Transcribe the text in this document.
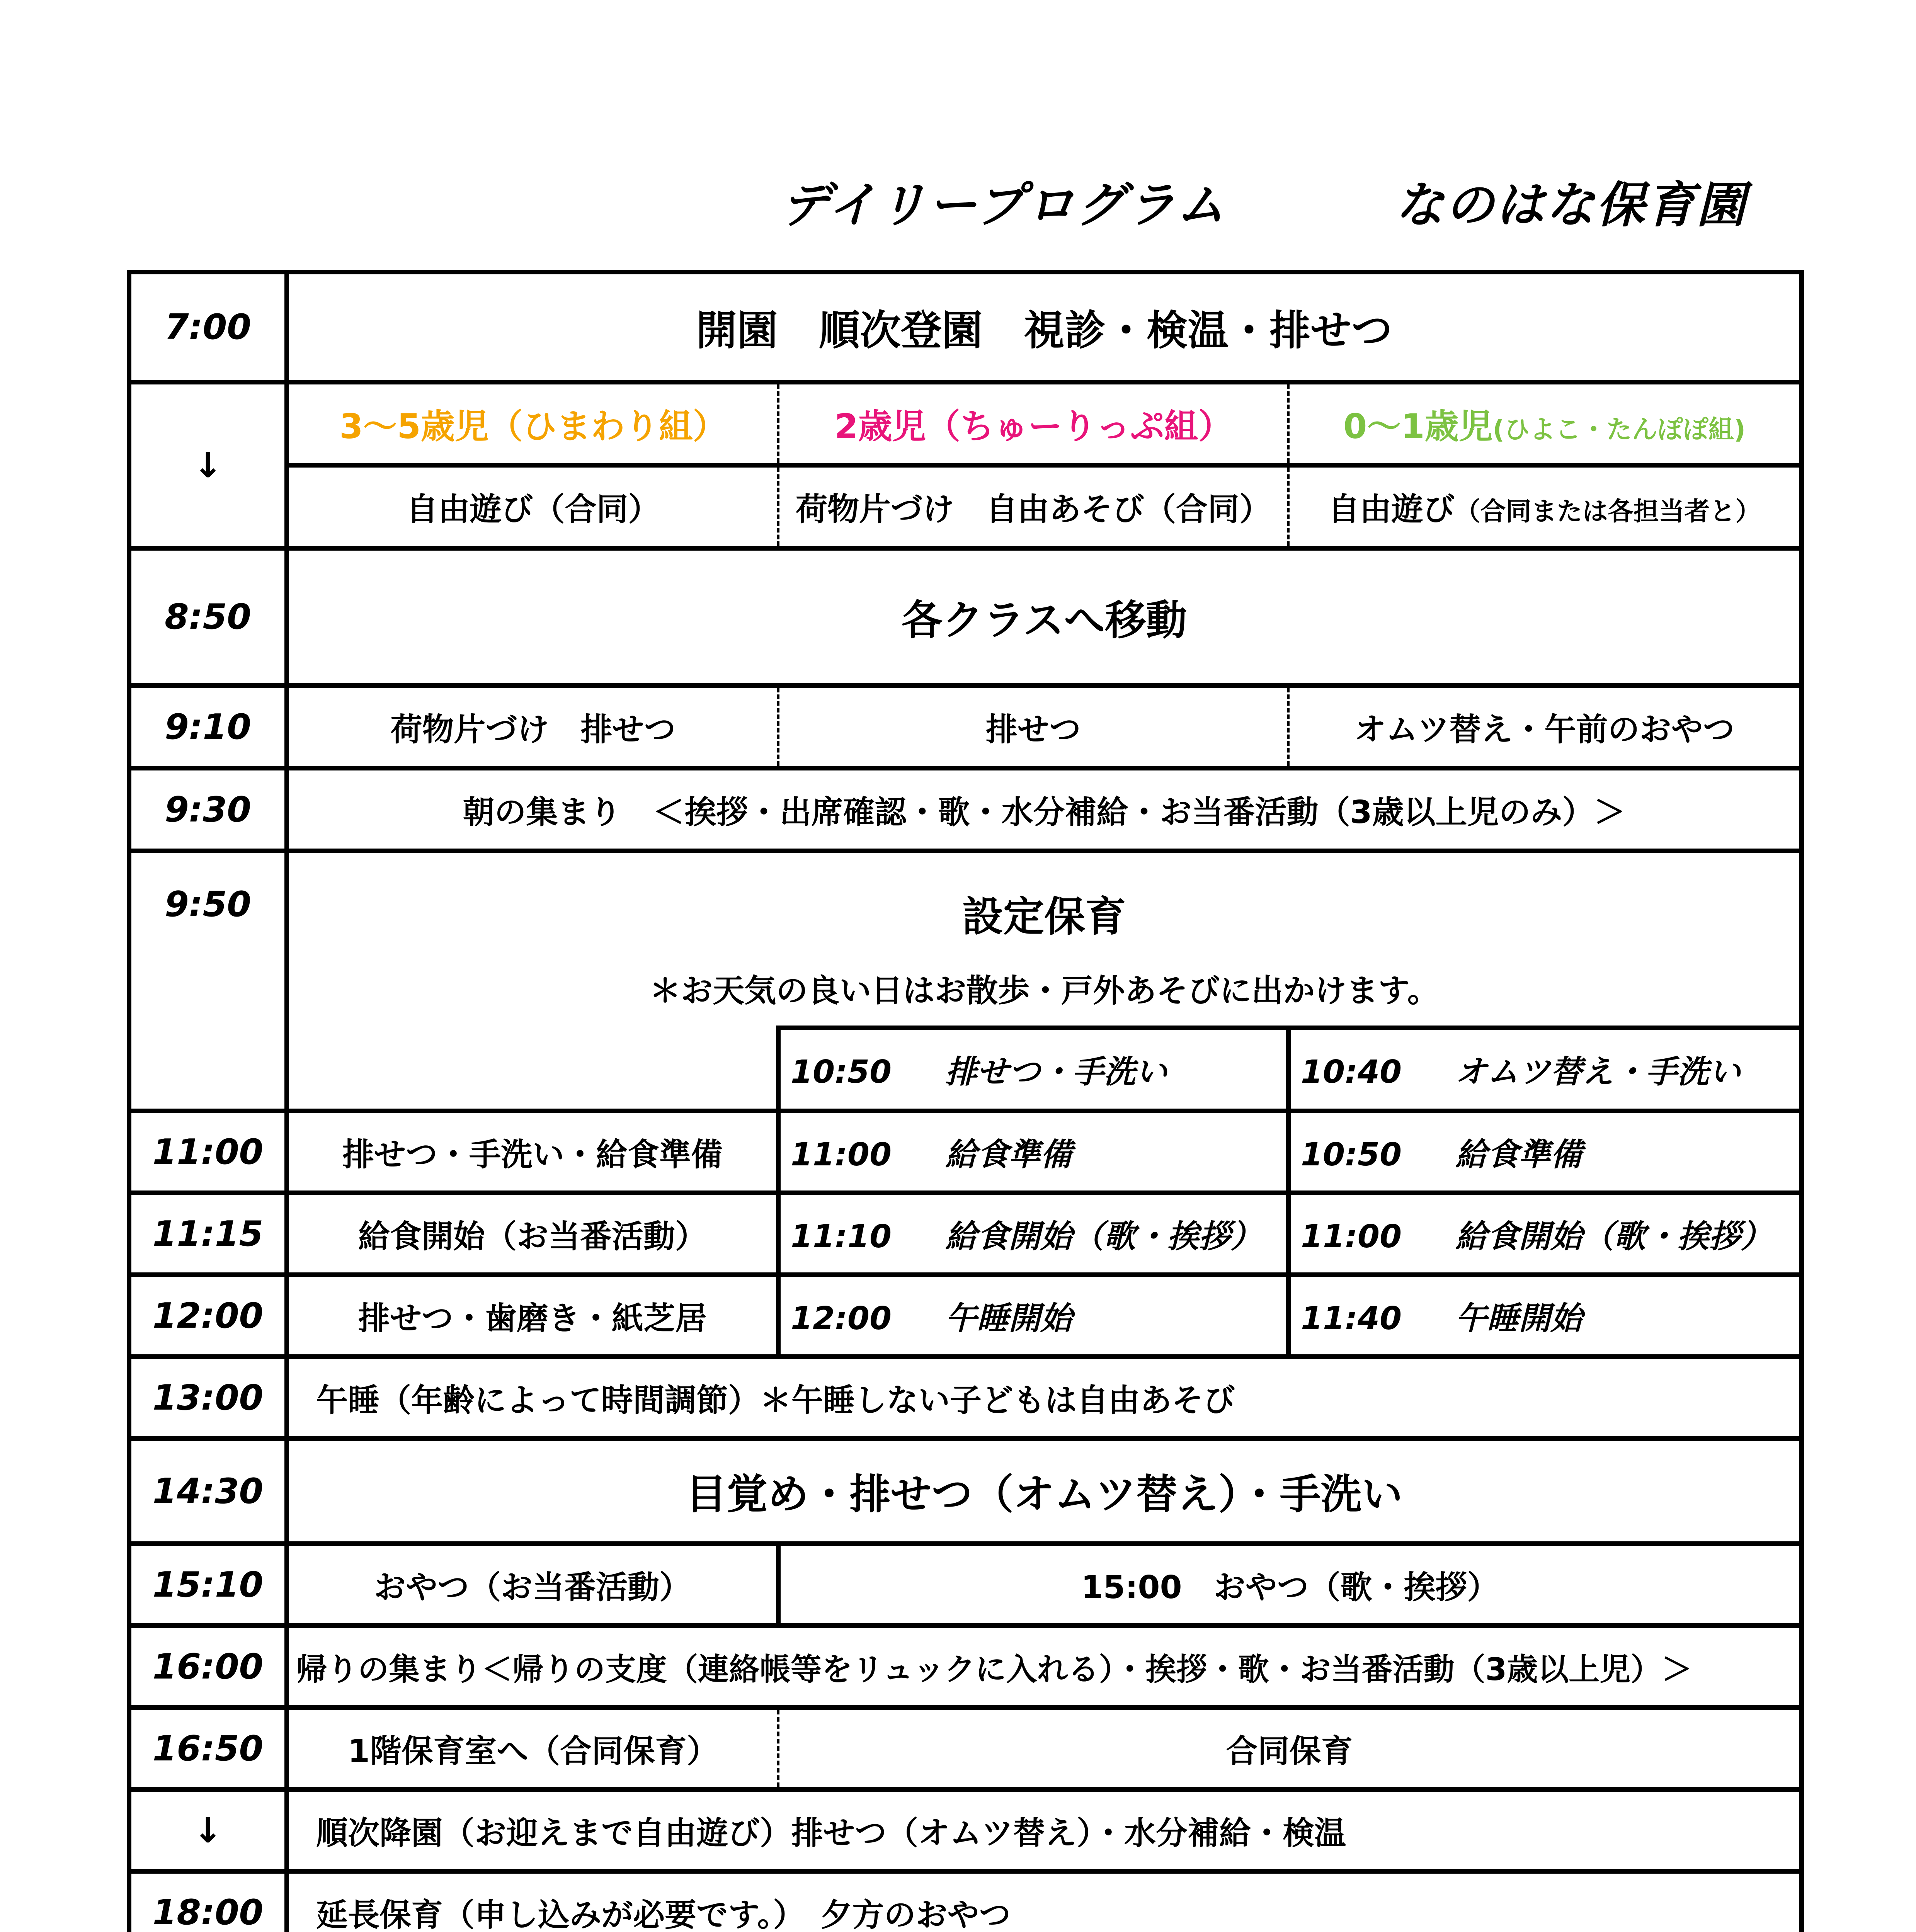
デイリープログラム	なのはな保育園
7:00	開園　順次登園　視診・検温・排せつ		
↓	3～5歳児（ひまわり組）	2歳児（ちゅーりっぷ組）	0～1歳児(ひよこ・たんぽぽ組)
	自由遊び（合同）	荷物片づけ　自由あそび（合同）	自由遊び（合同または各担当者と）
8:50	各クラスへ移動		
9:10	荷物片づけ　排せつ	排せつ	オムツ替え・午前のおやつ
9:30	朝の集まり　＜挨拶・出席確認・歌・水分補給・お当番活動（3歳以上児のみ）＞		
9:50	設定保育		
	＊お天気の良い日はお散歩・戸外あそびに出かけます。		
		10:50 排せつ・手洗い	10:40 オムツ替え・手洗い
11:00	排せつ・手洗い・給食準備	11:00 給食準備	10:50 給食準備
11:15	給食開始（お当番活動）	11:10 給食開始（歌・挨拶）	11:00 給食開始（歌・挨拶）
12:00	排せつ・歯磨き・紙芝居	12:00 午睡開始	11:40 午睡開始
13:00	午睡（年齢によって時間調節）＊午睡しない子どもは自由あそび		
14:30	目覚め・排せつ（オムツ替え）・手洗い		
15:10	おやつ（お当番活動）	15:00　おやつ（歌・挨拶）	
16:00	帰りの集まり＜帰りの支度（連絡帳等をリュックに入れる）・挨拶・歌・お当番活動（3歳以上児）＞		
16:50	1階保育室へ（合同保育）	合同保育	
↓	順次降園（お迎えまで自由遊び）排せつ（オムツ替え）・水分補給・検温		
18:00	延長保育（申し込みが必要です。）　夕方のおやつ		
